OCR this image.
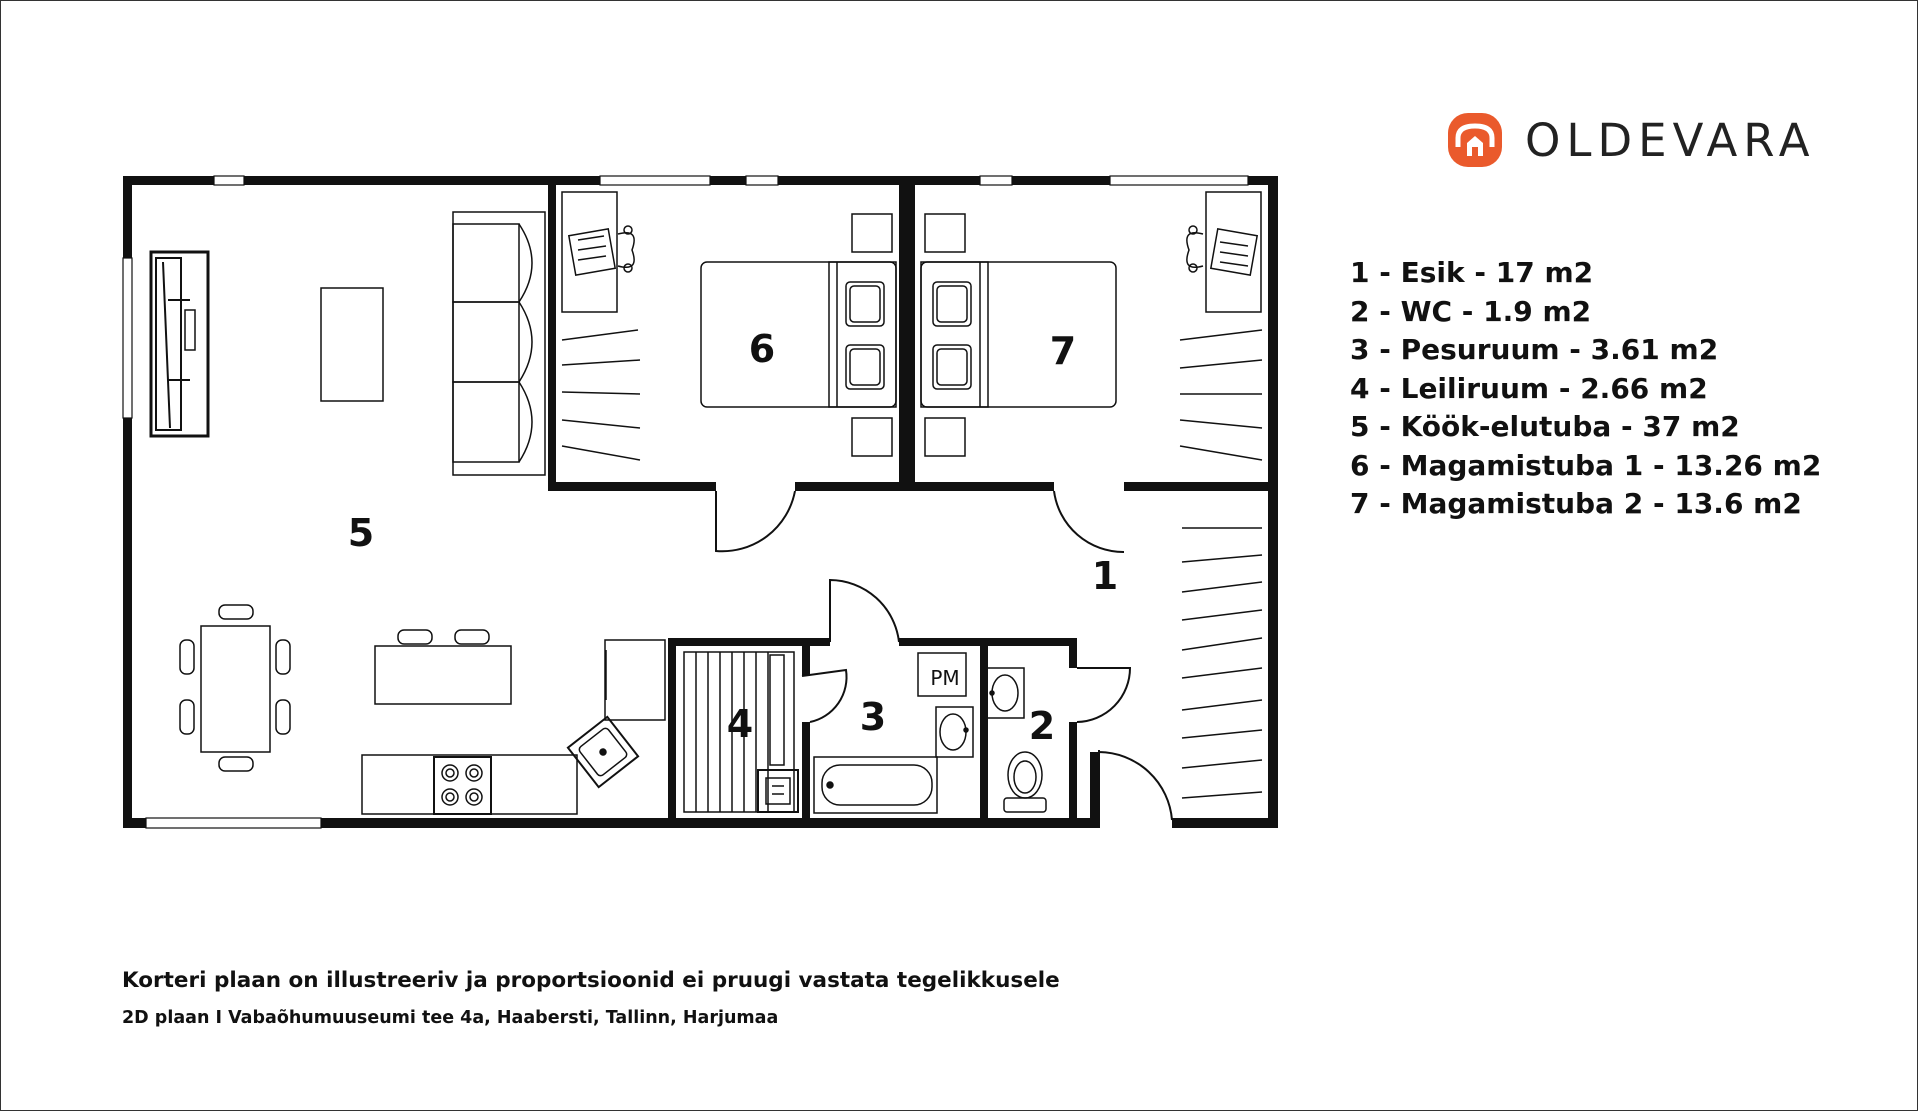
1
2
3
4
5
6	7
PM
OLDEVARA
1 - Esik - 17 m2
2 - WC - 1.9 m2
3 - Pesuruum - 3.61 m2
4 - Leiliruum - 2.66 m2
5 - Köök-elutuba - 37 m2
6 - Magamistuba 1 - 13.26 m2
7 - Magamistuba 2 - 13.6 m2
Korteri plaan on illustreeriv ja proportsioonid ei pruugi vastata tegelikkusele
2D plaan I Vabaõhumuuseumi tee 4a, Haabersti, Tallinn, Harjumaa
